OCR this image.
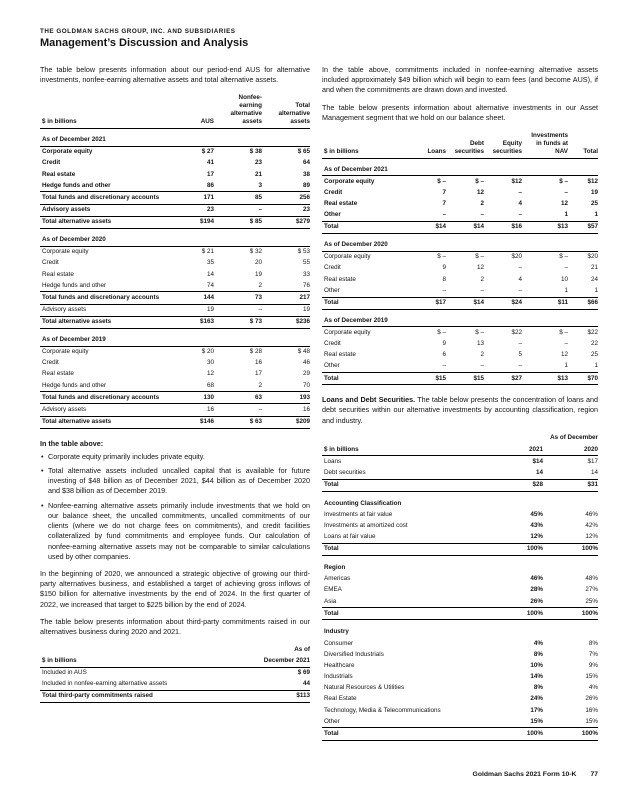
THE GOLDMAN SACHS GROUP, INC. AND SUBSIDIARIES
Management’s Discussion and Analysis

The table below presents information about our period-end AUS for alternative investments, nonfee-earning alternative assets and total alternative assets.

$ in billions	AUS	Nonfee-earning alternative assets	Total alternative assets
As of December 2021			
Corporate equity	$ 27	$ 38	$ 65
Credit	41	23	64
Real estate	17	21	38
Hedge funds and other	86	3	89
Total funds and discretionary accounts	171	85	256
Advisory assets	23	–	23
Total alternative assets	$194	$ 85	$279
As of December 2020			
Corporate equity	$ 21	$ 32	$ 53
Credit	35	20	55
Real estate	14	19	33
Hedge funds and other	74	2	76
Total funds and discretionary accounts	144	73	217
Advisory assets	19	–	19
Total alternative assets	$163	$ 73	$236
As of December 2019			
Corporate equity	$ 20	$ 28	$ 48
Credit	30	16	46
Real estate	12	17	29
Hedge funds and other	68	2	70
Total funds and discretionary accounts	130	63	193
Advisory assets	16	–	16
Total alternative assets	$146	$ 63	$209
In the table above:
• Corporate equity primarily includes private equity.
• Total alternative assets included uncalled capital that is available for future investing of $48 billion as of December 2021, $44 billion as of December 2020 and $38 billion as of December 2019.
• Nonfee-earning alternative assets primarily include investments that we hold on our balance sheet, the uncalled commitments, uncalled commitments of our clients (where we do not charge fees on commitments), and credit facilities collateralized by fund commitments and employee funds. Our calculation of nonfee-earning alternative assets may not be comparable to similar calculations used by other companies.

In the beginning of 2020, we announced a strategic objective of growing our third-party alternatives business, and established a target of achieving gross inflows of $150 billion for alternative investments by the end of 2024. In the first quarter of 2022, we increased that target to $225 billion by the end of 2024.

The table below presents information about third-party commitments raised in our alternatives business during 2020 and 2021.

	As of
$ in billions	December 2021
Included in AUS	$ 69
Included in nonfee-earning alternative assets	44
Total third-party commitments raised	$113

In the table above, commitments included in nonfee-earning alternative assets included approximately $49 billion which will begin to earn fees (and become AUS), if and when the commitments are drawn down and invested.

The table below presents information about alternative investments in our Asset Management segment that we hold on our balance sheet.

$ in billions	Loans	Debt securities	Equity securities	Investments in funds at NAV	Total
As of December 2021					
Corporate equity	$ –	$ –	$12	$ –	$12
Credit	7	12	–	–	19
Real estate	7	2	4	12	25
Other	–	–	–	1	1
Total	$14	$14	$16	$13	$57
As of December 2020					
Corporate equity	$ –	$ –	$20	$ –	$20
Credit	9	12	–	–	21
Real estate	8	2	4	10	24
Other	–	–	–	1	1
Total	$17	$14	$24	$11	$66
As of December 2019					
Corporate equity	$ –	$ –	$22	$ –	$22
Credit	9	13	–	–	22
Real estate	6	2	5	12	25
Other	–	–	–	1	1
Total	$15	$15	$27	$13	$70

Loans and Debt Securities. The table below presents the concentration of loans and debt securities within our alternative investments by accounting classification, region and industry.

	As of December	
$ in billions	2021	2020
Loans	$14	$17
Debt securities	14	14
Total	$28	$31
Accounting Classification		
Investments at fair value	45%	46%
Investments at amortized cost	43%	42%
Loans at fair value	12%	12%
Total	100%	100%
Region		
Americas	46%	48%
EMEA	28%	27%
Asia	26%	25%
Total	100%	100%
Industry		
Consumer	4%	8%
Diversified Industrials	8%	7%
Healthcare	10%	9%
Industrials	14%	15%
Natural Resources & Utilities	8%	4%
Real Estate	24%	26%
Technology, Media & Telecommunications	17%	16%
Other	15%	15%
Total	100%	100%
Goldman Sachs 2021 Form 10-K 77
